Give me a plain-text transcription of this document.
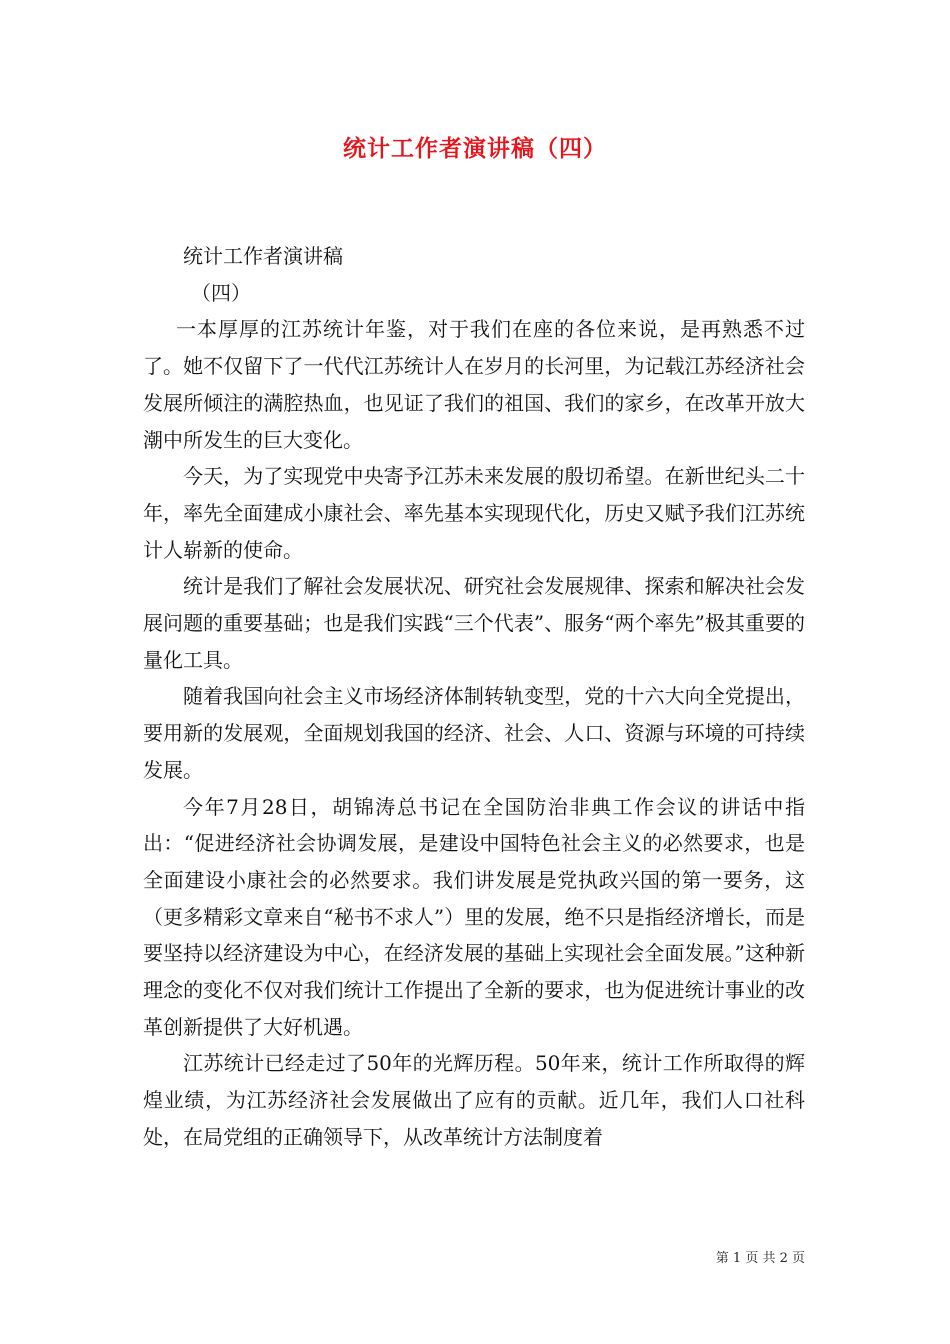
统计工作者演讲稿（四）

统计工作者演讲稿

（四）

一本厚厚的江苏统计年鉴，对于我们在座的各位来说，是再熟悉不过了。她不仅留下了一代代江苏统计人在岁月的长河里，为记载江苏经济社会发展所倾注的满腔热血，也见证了我们的祖国、我们的家乡，在改革开放大潮中所发生的巨大变化。

今天，为了实现党中央寄予江苏未来发展的殷切希望。在新世纪头二十年，率先全面建成小康社会、率先基本实现现代化，历史又赋予我们江苏统计人崭新的使命。

统计是我们了解社会发展状况、研究社会发展规律、探索和解决社会发展问题的重要基础；也是我们实践“三个代表”、服务“两个率先”极其重要的量化工具。

随着我国向社会主义市场经济体制转轨变型，党的十六大向全党提出，要用新的发展观，全面规划我国的经济、社会、人口、资源与环境的可持续发展。

今年7月28日，胡锦涛总书记在全国防治非典工作会议的讲话中指出：“促进经济社会协调发展，是建设中国特色社会主义的必然要求，也是全面建设小康社会的必然要求。我们讲发展是党执政兴国的第一要务，这（更多精彩文章来自“秘书不求人”）里的发展，绝不只是指经济增长，而是要坚持以经济建设为中心，在经济发展的基础上实现社会全面发展。”这种新理念的变化不仅对我们统计工作提出了全新的要求，也为促进统计事业的改革创新提供了大好机遇。

江苏统计已经走过了50年的光辉历程。50年来，统计工作所取得的辉煌业绩，为江苏经济社会发展做出了应有的贡献。近几年，我们人口社科处，在局党组的正确领导下，从改革统计方法制度着

第 1 页 共 2 页
